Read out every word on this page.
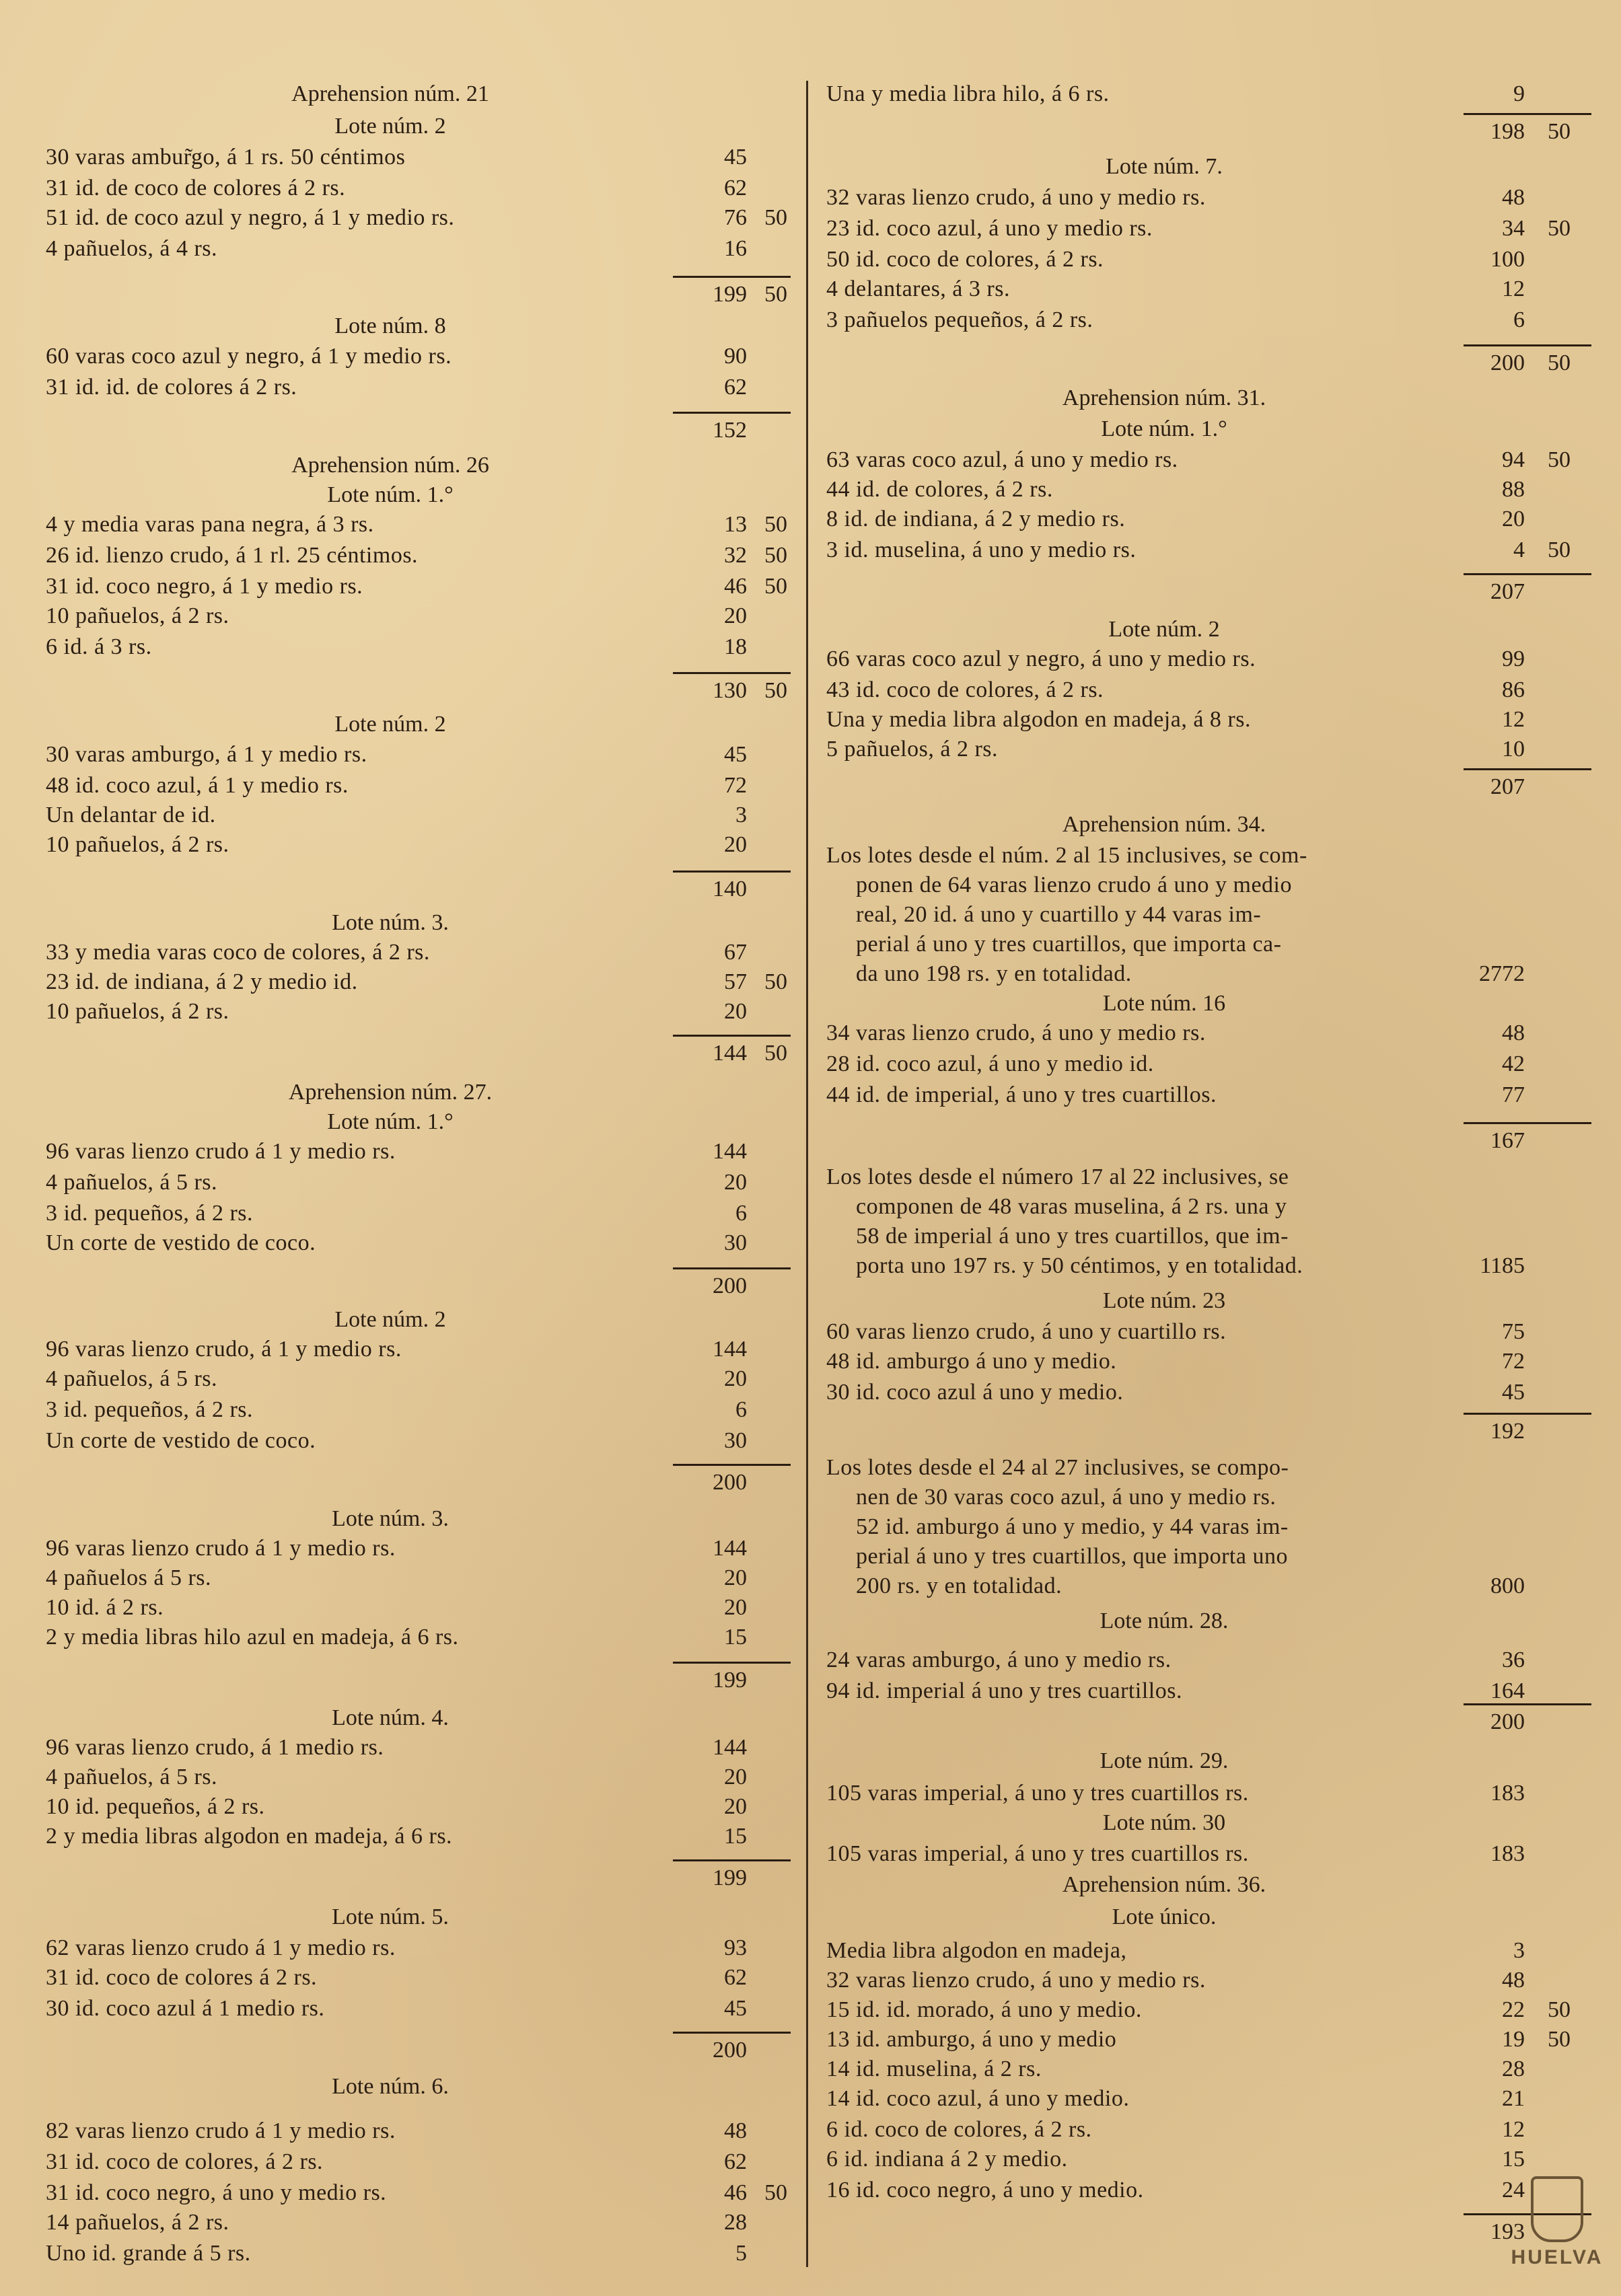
Aprehension núm. 21
Lote núm. 2
30 varas ambur̃go, á 1 rs. 50 céntimos	45
31 id. de coco de colores á 2 rs.	62
51 id. de coco azul y negro, á 1 y medio rs.	76 50
4 pañuelos, á 4 rs.	16
199 50
Lote núm. 8
60 varas coco azul y negro, á 1 y medio rs.	90
31 id. id. de colores á 2 rs.	62
152
Aprehension núm. 26
Lote núm. 1.°
4 y media varas pana negra, á 3 rs.	13 50
26 id. lienzo crudo, á 1 rl. 25 céntimos.	32 50
31 id. coco negro, á 1 y medio rs.	46 50
10 pañuelos, á 2 rs.	20
6 id. á 3 rs.	18
130 50
Lote núm. 2
30 varas amburgo, á 1 y medio rs.	45
48 id. coco azul, á 1 y medio rs.	72
Un delantar de id.	3
10 pañuelos, á 2 rs.	20
140
Lote núm. 3.
33 y media varas coco de colores, á 2 rs.	67
23 id. de indiana, á 2 y medio id.	57 50
10 pañuelos, á 2 rs.	20
144 50
Aprehension núm. 27.
Lote núm. 1.°
96 varas lienzo crudo á 1 y medio rs.	144
4 pañuelos, á 5 rs.	20
3 id. pequeños, á 2 rs.	6
Un corte de vestido de coco.	30
200
Lote núm. 2
96 varas lienzo crudo, á 1 y medio rs.	144
4 pañuelos, á 5 rs.	20
3 id. pequeños, á 2 rs.	6
Un corte de vestido de coco.	30
200
Lote núm. 3.
96 varas lienzo crudo á 1 y medio rs.	144
4 pañuelos á 5 rs.	20
10 id. á 2 rs.	20
2 y media libras hilo azul en madeja, á 6 rs.	15
199
Lote núm. 4.
96 varas lienzo crudo, á 1 medio rs.	144
4 pañuelos, á 5 rs.	20
10 id. pequeños, á 2 rs.	20
2 y media libras algodon en madeja, á 6 rs.	15
199
Lote núm. 5.
62 varas lienzo crudo á 1 y medio rs.	93
31 id. coco de colores á 2 rs.	62
30 id. coco azul á 1 medio rs.	45
200
Lote núm. 6.
82 varas lienzo crudo á 1 y medio rs.	48
31 id. coco de colores, á 2 rs.	62
31 id. coco negro, á uno y medio rs.	46 50
14 pañuelos, á 2 rs.	28
Uno id. grande á 5 rs.	5
Una y media libra hilo, á 6 rs.	9
198 50
Lote núm. 7.
32 varas lienzo crudo, á uno y medio rs.	48
23 id. coco azul, á uno y medio rs.	34 50
50 id. coco de colores, á 2 rs.	100
4 delantares, á 3 rs.	12
3 pañuelos pequeños, á 2 rs.	6
200 50
Aprehension núm. 31.
Lote núm. 1.°
63 varas coco azul, á uno y medio rs.	94 50
44 id. de colores, á 2 rs.	88
8 id. de indiana, á 2 y medio rs.	20
3 id. muselina, á uno y medio rs.	4 50
207
Lote núm. 2
66 varas coco azul y negro, á uno y medio rs.	99
43 id. coco de colores, á 2 rs.	86
Una y media libra algodon en madeja, á 8 rs.	12
5 pañuelos, á 2 rs.	10
207
Aprehension núm. 34.
Los lotes desde el núm. 2 al 15 inclusives, se com-
ponen de 64 varas lienzo crudo á uno y medio
real, 20 id. á uno y cuartillo y 44 varas im-
perial á uno y tres cuartillos, que importa ca-
da uno 198 rs. y en totalidad.	2772
Lote núm. 16
34 varas lienzo crudo, á uno y medio rs.	48
28 id. coco azul, á uno y medio id.	42
44 id. de imperial, á uno y tres cuartillos.	77
167
Los lotes desde el número 17 al 22 inclusives, se
componen de 48 varas muselina, á 2 rs. una y
58 de imperial á uno y tres cuartillos, que im-
porta uno 197 rs. y 50 céntimos, y en totalidad.	1185
Lote núm. 23
60 varas lienzo crudo, á uno y cuartillo rs.	75
48 id. amburgo á uno y medio.	72
30 id. coco azul á uno y medio.	45
192
Los lotes desde el 24 al 27 inclusives, se compo-
nen de 30 varas coco azul, á uno y medio rs.
52 id. amburgo á uno y medio, y 44 varas im-
perial á uno y tres cuartillos, que importa uno
200 rs. y en totalidad.	800
Lote núm. 28.
24 varas amburgo, á uno y medio rs.	36
94 id. imperial á uno y tres cuartillos.	164
200
Lote núm. 29.
105 varas imperial, á uno y tres cuartillos rs.	183
Lote núm. 30
105 varas imperial, á uno y tres cuartillos rs.	183
Aprehension núm. 36.
Lote único.
Media libra algodon en madeja,	3
32 varas lienzo crudo, á uno y medio rs.	48
15 id. id. morado, á uno y medio.	22 50
13 id. amburgo, á uno y medio	19 50
14 id. muselina, á 2 rs.	28
14 id. coco azul, á uno y medio.	21
6 id. coco de colores, á 2 rs.	12
6 id. indiana á 2 y medio.	15
16 id. coco negro, á uno y medio.	24
193
HUELVA
